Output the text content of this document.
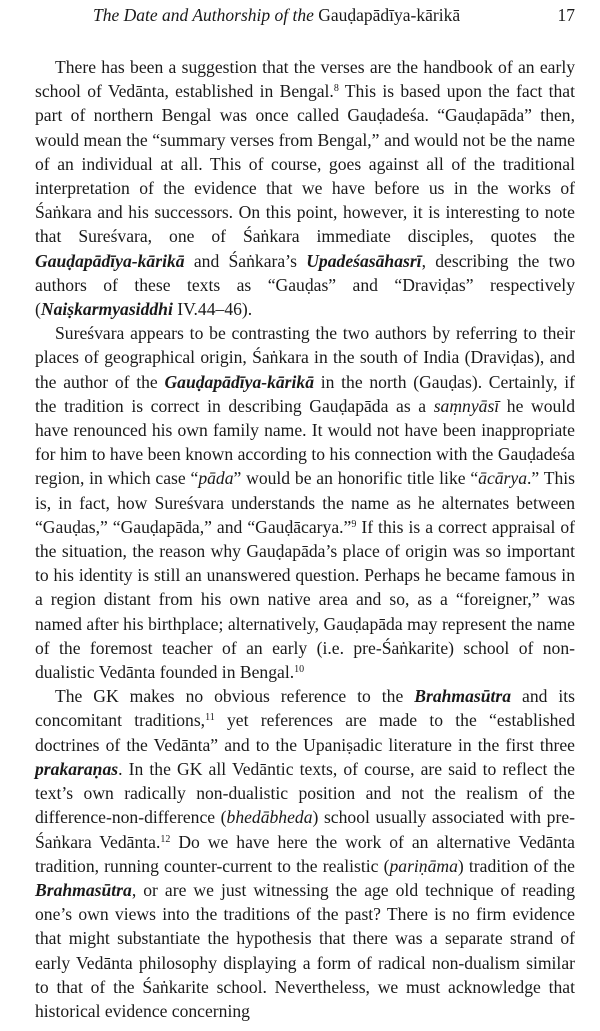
The Date and Authorship of the Gauḍapādīya-kārikā	17

There has been a suggestion that the verses are the handbook of an early school of Vedānta, established in Bengal.$^8$ This is based upon the fact that part of northern Bengal was once called Gauḍadeśa. “Gauḍapāda” then, would mean the “summary verses from Bengal,” and would not be the name of an individual at all. This of course, goes against all of the traditional interpretation of the evidence that we have before us in the works of Śaṅkara and his successors. On this point, however, it is interesting to note that Sureśvara, one of Śaṅkara immediate disciples, quotes the Gauḍapādīya-kārikā and Śaṅkara’s Upadeśasāhasrī, describing the two authors of these texts as “Gauḍas” and “Draviḍas” respectively (Naiṣkarmyasiddhi IV.44–46).

Sureśvara appears to be contrasting the two authors by referring to their places of geographical origin, Śaṅkara in the south of India (Draviḍas), and the author of the Gauḍapādīya-kārikā in the north (Gauḍas). Certainly, if the tradition is correct in describing Gauḍapāda as a saṃnyāsī he would have renounced his own family name. It would not have been inappropriate for him to have been known according to his connection with the Gauḍadeśa region, in which case “pāda” would be an honorific title like “ācārya.” This is, in fact, how Sureśvara understands the name as he alternates between “Gauḍas,” “Gauḍapāda,” and “Gauḍācarya.”$^9$ If this is a correct appraisal of the situation, the reason why Gauḍapāda’s place of origin was so important to his identity is still an unanswered question. Perhaps he became famous in a region distant from his own native area and so, as a “foreigner,” was named after his birthplace; alternatively, Gauḍapāda may represent the name of the foremost teacher of an early (i.e. pre-Śaṅkarite) school of non-dualistic Vedānta founded in Bengal.$^{10}$

The GK makes no obvious reference to the Brahmasūtra and its concomitant traditions,$^{11}$ yet references are made to the “established doctrines of the Vedānta” and to the Upaniṣadic literature in the first three prakaraṇas. In the GK all Vedāntic texts, of course, are said to reflect the text’s own radically non-dualistic position and not the realism of the difference-non-difference (bhedābheda) school usually associated with pre-Śaṅkara Vedānta.$^{12}$ Do we have here the work of an alternative Vedānta tradition, running counter-current to the realistic (pariṇāma) tradition of the Brahmasūtra, or are we just witnessing the age old technique of reading one’s own views into the traditions of the past? There is no firm evidence that might substantiate the hypothesis that there was a separate strand of early Vedānta philosophy displaying a form of radical non-dualism similar to that of the Śaṅkarite school. Nevertheless, we must acknowledge that historical evidence concerning
